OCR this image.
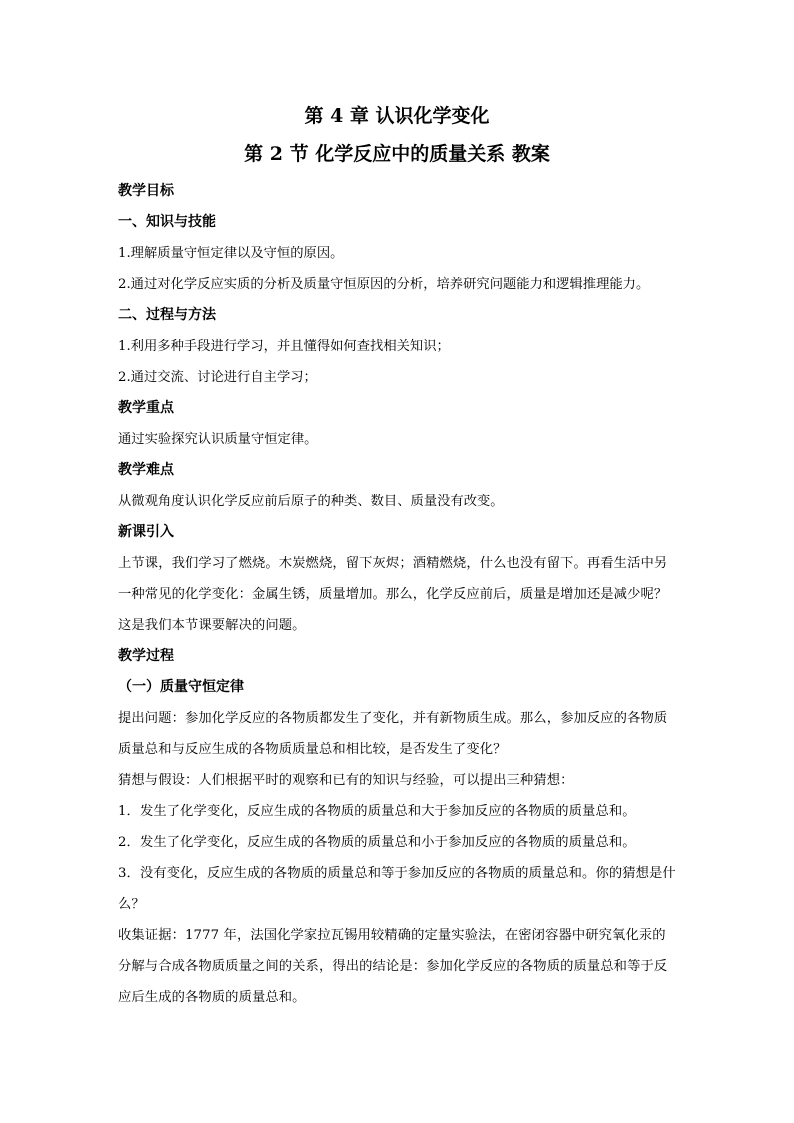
第 4 章 认识化学变化
第 2 节 化学反应中的质量关系 教案
教学目标
一、知识与技能
1.理解质量守恒定律以及守恒的原因。
2.通过对化学反应实质的分析及质量守恒原因的分析，培养研究问题能力和逻辑推理能力。
二、过程与方法
1.利用多种手段进行学习，并且懂得如何查找相关知识；
2.通过交流、讨论进行自主学习；
教学重点
通过实验探究认识质量守恒定律。
教学难点
从微观角度认识化学反应前后原子的种类、数目、质量没有改变。
新课引入

上节课，我们学习了燃烧。木炭燃烧，留下灰烬；酒精燃烧，什么也没有留下。再看生活中另一种常见的化学变化：金属生锈，质量增加。那么，化学反应前后，质量是增加还是减少呢？这是我们本节课要解决的问题。

教学过程
（一）质量守恒定律

提出问题：参加化学反应的各物质都发生了变化，并有新物质生成。那么，参加反应的各物质质量总和与反应生成的各物质质量总和相比较，是否发生了变化？

猜想与假设：人们根据平时的观察和已有的知识与经验，可以提出三种猜想：

1．发生了化学变化，反应生成的各物质的质量总和大于参加反应的各物质的质量总和。

2．发生了化学变化，反应生成的各物质的质量总和小于参加反应的各物质的质量总和。

3．没有变化，反应生成的各物质的质量总和等于参加反应的各物质的质量总和。你的猜想是什么？

收集证据：1777 年，法国化学家拉瓦锡用较精确的定量实验法，在密闭容器中研究氧化汞的分解与合成各物质质量之间的关系，得出的结论是：参加化学反应的各物质的质量总和等于反应后生成的各物质的质量总和。
